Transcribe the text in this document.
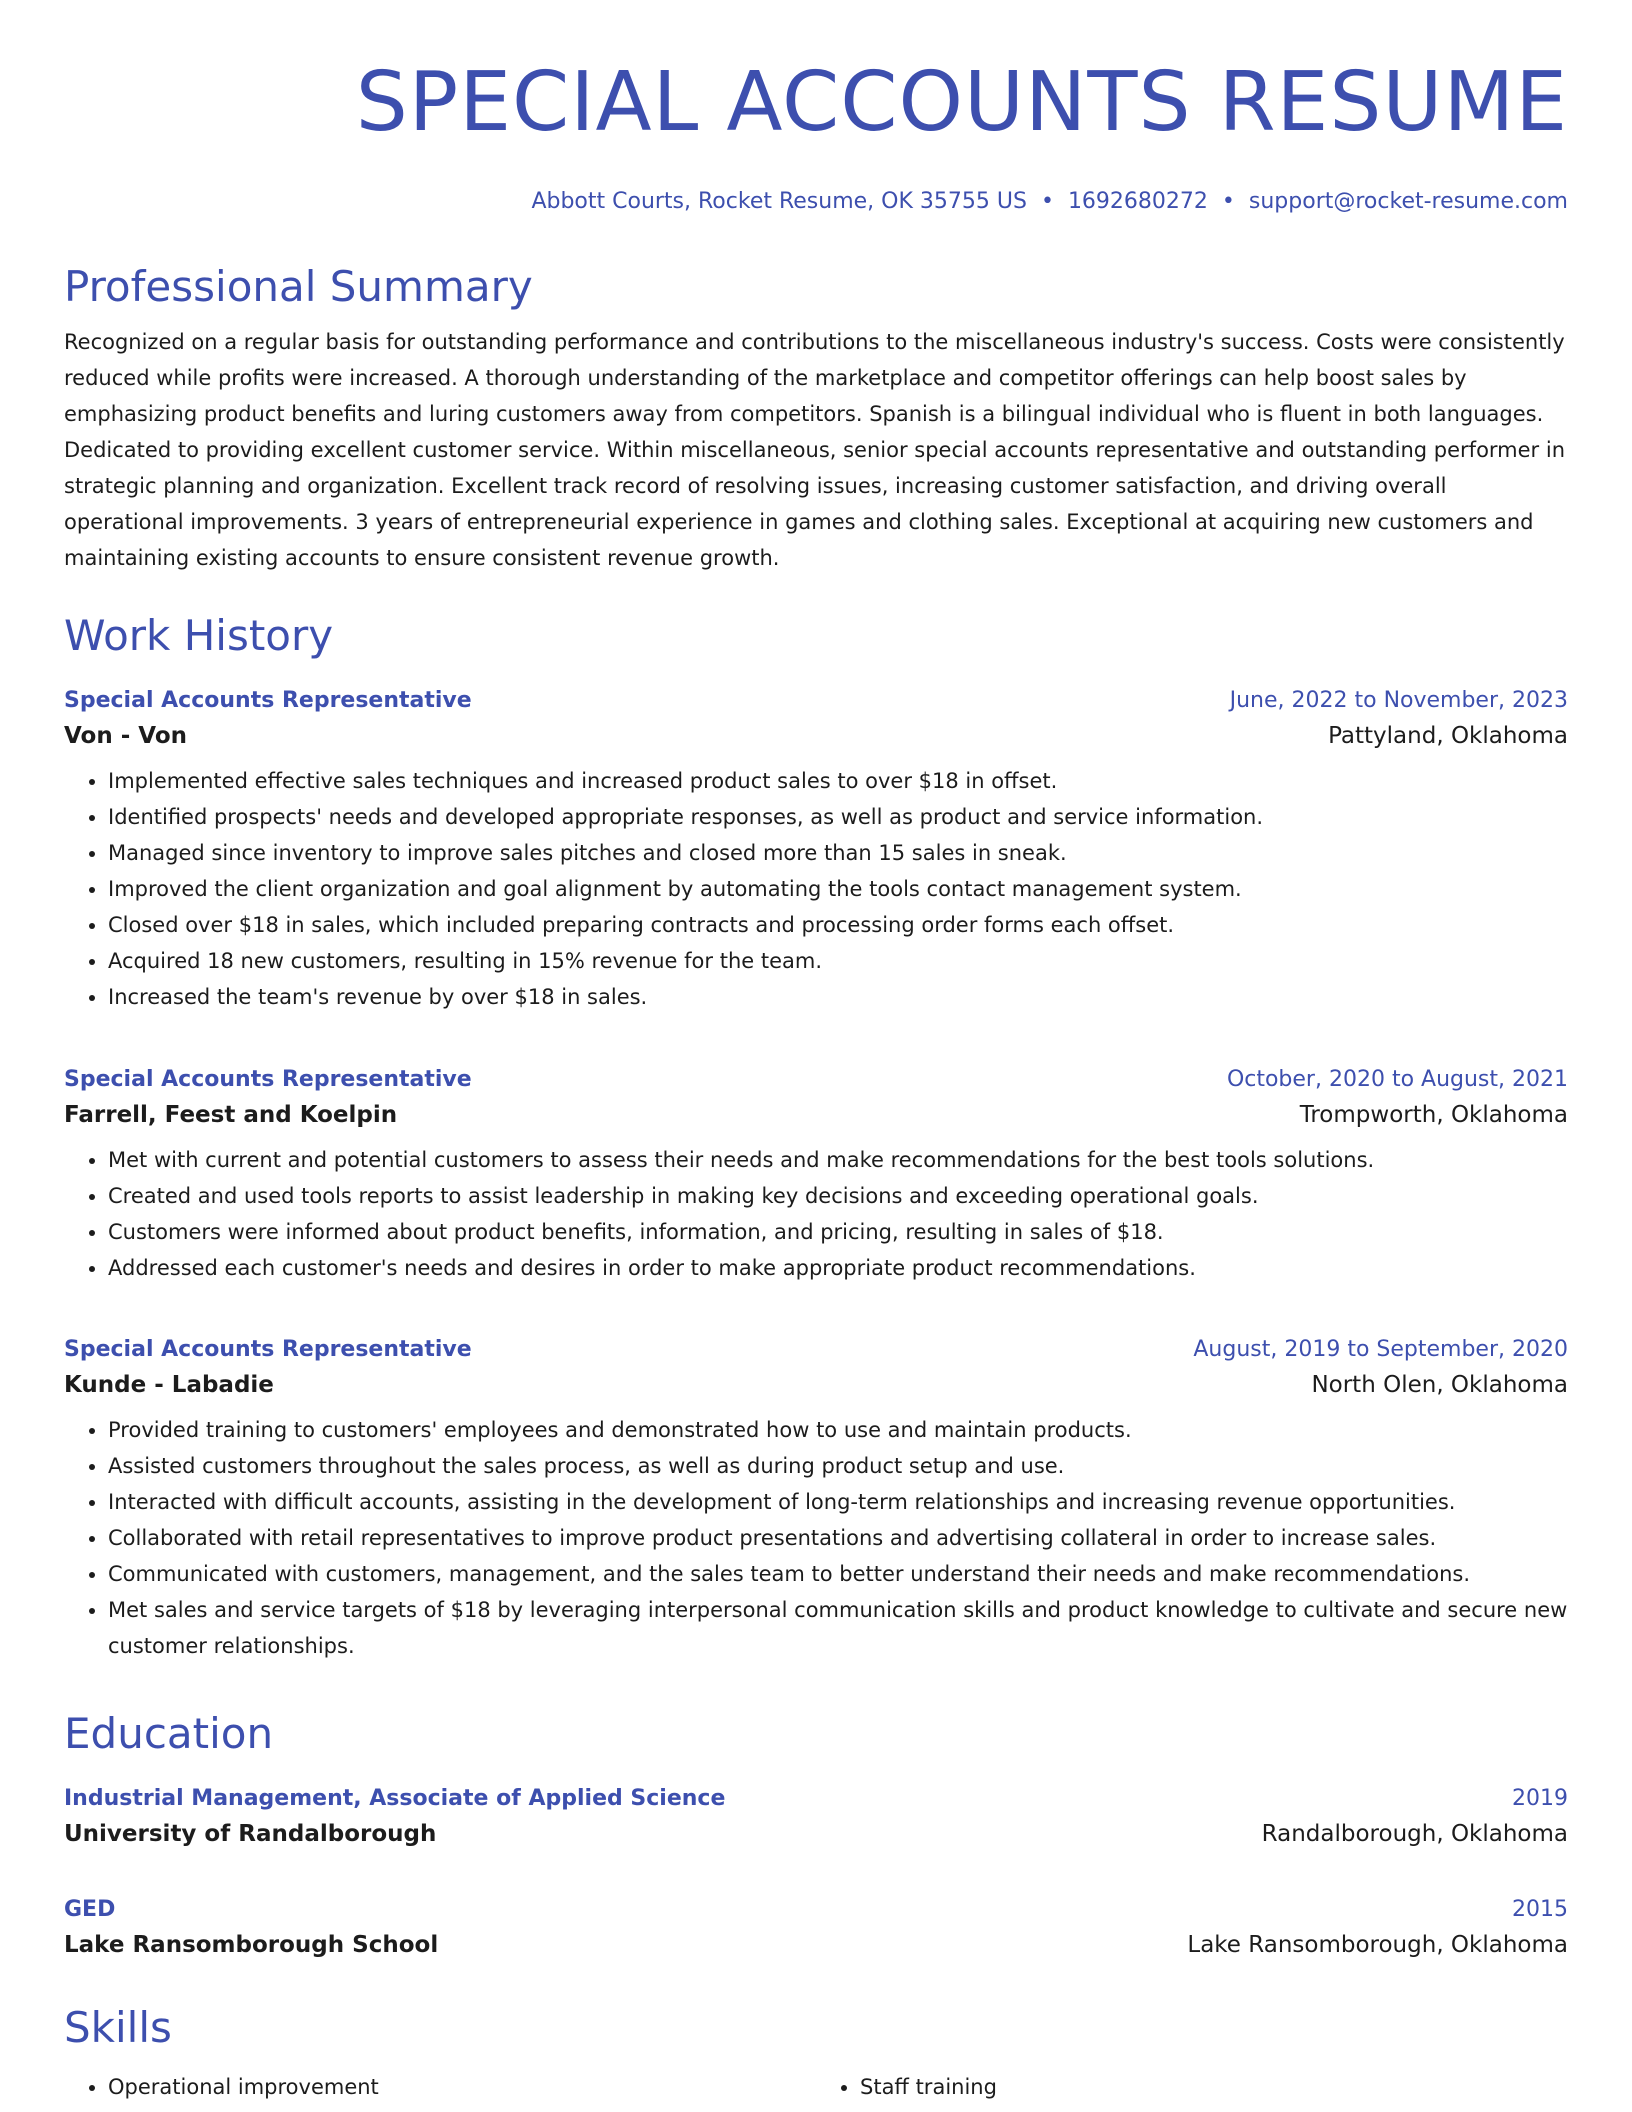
SPECIAL ACCOUNTS RESUME
Abbott Courts, Rocket Resume, OK 35755 US • 1692680272 • support@rocket-resume.com
Professional Summary

Recognized on a regular basis for outstanding performance and contributions to the miscellaneous industry's success. Costs were consistently reduced while profits were increased. A thorough understanding of the marketplace and competitor offerings can help boost sales by emphasizing product benefits and luring customers away from competitors. Spanish is a bilingual individual who is fluent in both languages. Dedicated to providing excellent customer service. Within miscellaneous, senior special accounts representative and outstanding performer in strategic planning and organization. Excellent track record of resolving issues, increasing customer satisfaction, and driving overall operational improvements. 3 years of entrepreneurial experience in games and clothing sales. Exceptional at acquiring new customers and maintaining existing accounts to ensure consistent revenue growth.

Work History
Special Accounts Representative	June, 2022 to November, 2023
Von - Von	Pattyland, Oklahoma
• Implemented effective sales techniques and increased product sales to over $18 in offset.
• Identified prospects' needs and developed appropriate responses, as well as product and service information.
• Managed since inventory to improve sales pitches and closed more than 15 sales in sneak.
• Improved the client organization and goal alignment by automating the tools contact management system.
• Closed over $18 in sales, which included preparing contracts and processing order forms each offset.
• Acquired 18 new customers, resulting in 15% revenue for the team.
• Increased the team's revenue by over $18 in sales.
Special Accounts Representative	October, 2020 to August, 2021
Farrell, Feest and Koelpin	Trompworth, Oklahoma
• Met with current and potential customers to assess their needs and make recommendations for the best tools solutions.
• Created and used tools reports to assist leadership in making key decisions and exceeding operational goals.
• Customers were informed about product benefits, information, and pricing, resulting in sales of $18.
• Addressed each customer's needs and desires in order to make appropriate product recommendations.
Special Accounts Representative	August, 2019 to September, 2020
Kunde - Labadie	North Olen, Oklahoma
• Provided training to customers' employees and demonstrated how to use and maintain products.
• Assisted customers throughout the sales process, as well as during product setup and use.
• Interacted with difficult accounts, assisting in the development of long-term relationships and increasing revenue opportunities.
• Collaborated with retail representatives to improve product presentations and advertising collateral in order to increase sales.
• Communicated with customers, management, and the sales team to better understand their needs and make recommendations.
• Met sales and service targets of $18 by leveraging interpersonal communication skills and product knowledge to cultivate and secure new customer relationships.
Education
Industrial Management, Associate of Applied Science	2019
University of Randalborough	Randalborough, Oklahoma
GED	2015
Lake Ransomborough School	Lake Ransomborough, Oklahoma
Skills
• Operational improvement
•	Staff training
